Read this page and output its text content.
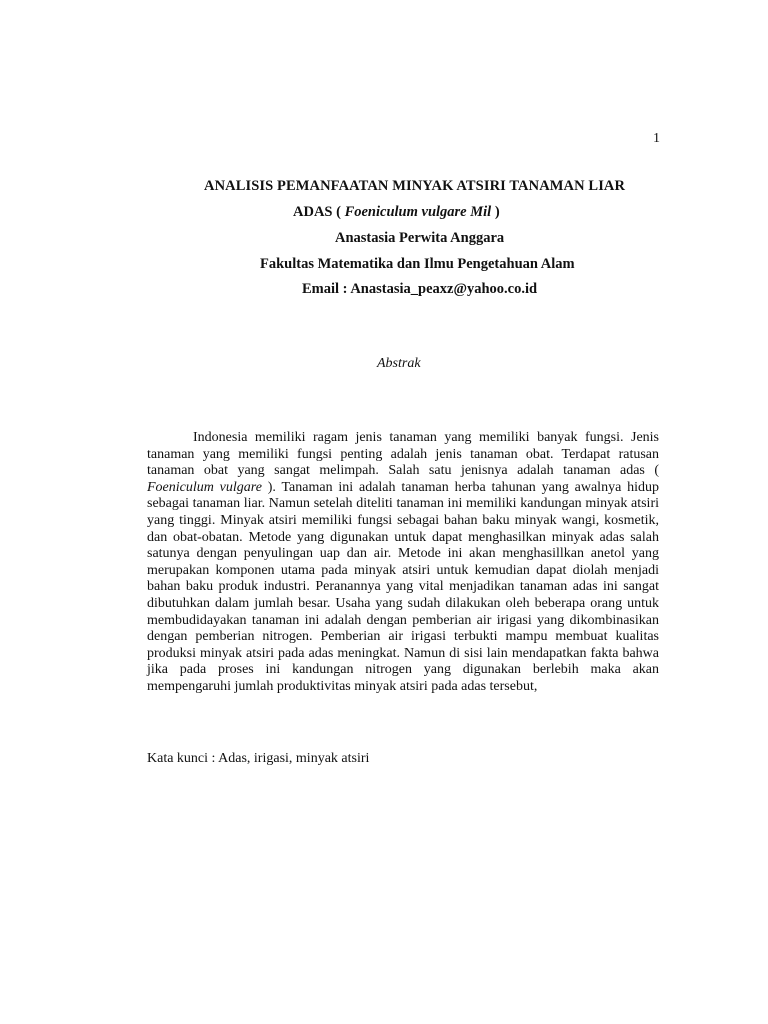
1
ANALISIS PEMANFAATAN MINYAK ATSIRI TANAMAN LIAR
ADAS ( Foeniculum vulgare Mil )
Anastasia Perwita Anggara
Fakultas Matematika dan Ilmu Pengetahuan Alam
Email : Anastasia_peaxz@yahoo.co.id
Abstrak
Indonesia memiliki ragam jenis tanaman yang memiliki banyak fungsi. Jenis tanaman yang memiliki fungsi penting adalah jenis tanaman obat. Terdapat ratusan tanaman obat yang sangat melimpah. Salah satu jenisnya adalah tanaman adas ( Foeniculum vulgare ). Tanaman ini adalah tanaman herba tahunan yang awalnya hidup sebagai tanaman liar. Namun setelah diteliti tanaman ini memiliki kandungan minyak atsiri yang tinggi. Minyak atsiri memiliki fungsi sebagai bahan baku minyak wangi, kosmetik, dan obat-obatan. Metode yang digunakan untuk dapat menghasilkan minyak adas salah satunya dengan penyulingan uap dan air. Metode ini akan menghasillkan anetol yang merupakan komponen utama pada minyak atsiri untuk kemudian dapat diolah menjadi bahan baku produk industri. Peranannya yang vital menjadikan tanaman adas ini sangat dibutuhkan dalam jumlah besar. Usaha yang sudah dilakukan oleh beberapa orang untuk membudidayakan tanaman ini adalah dengan pemberian air irigasi yang dikombinasikan dengan pemberian nitrogen. Pemberian air irigasi terbukti mampu membuat kualitas produksi minyak atsiri pada adas meningkat. Namun di sisi lain mendapatkan fakta bahwa jika pada proses ini kandungan nitrogen yang digunakan berlebih maka akan mempengaruhi jumlah produktivitas minyak atsiri pada adas tersebut,
Kata kunci : Adas, irigasi, minyak atsiri
